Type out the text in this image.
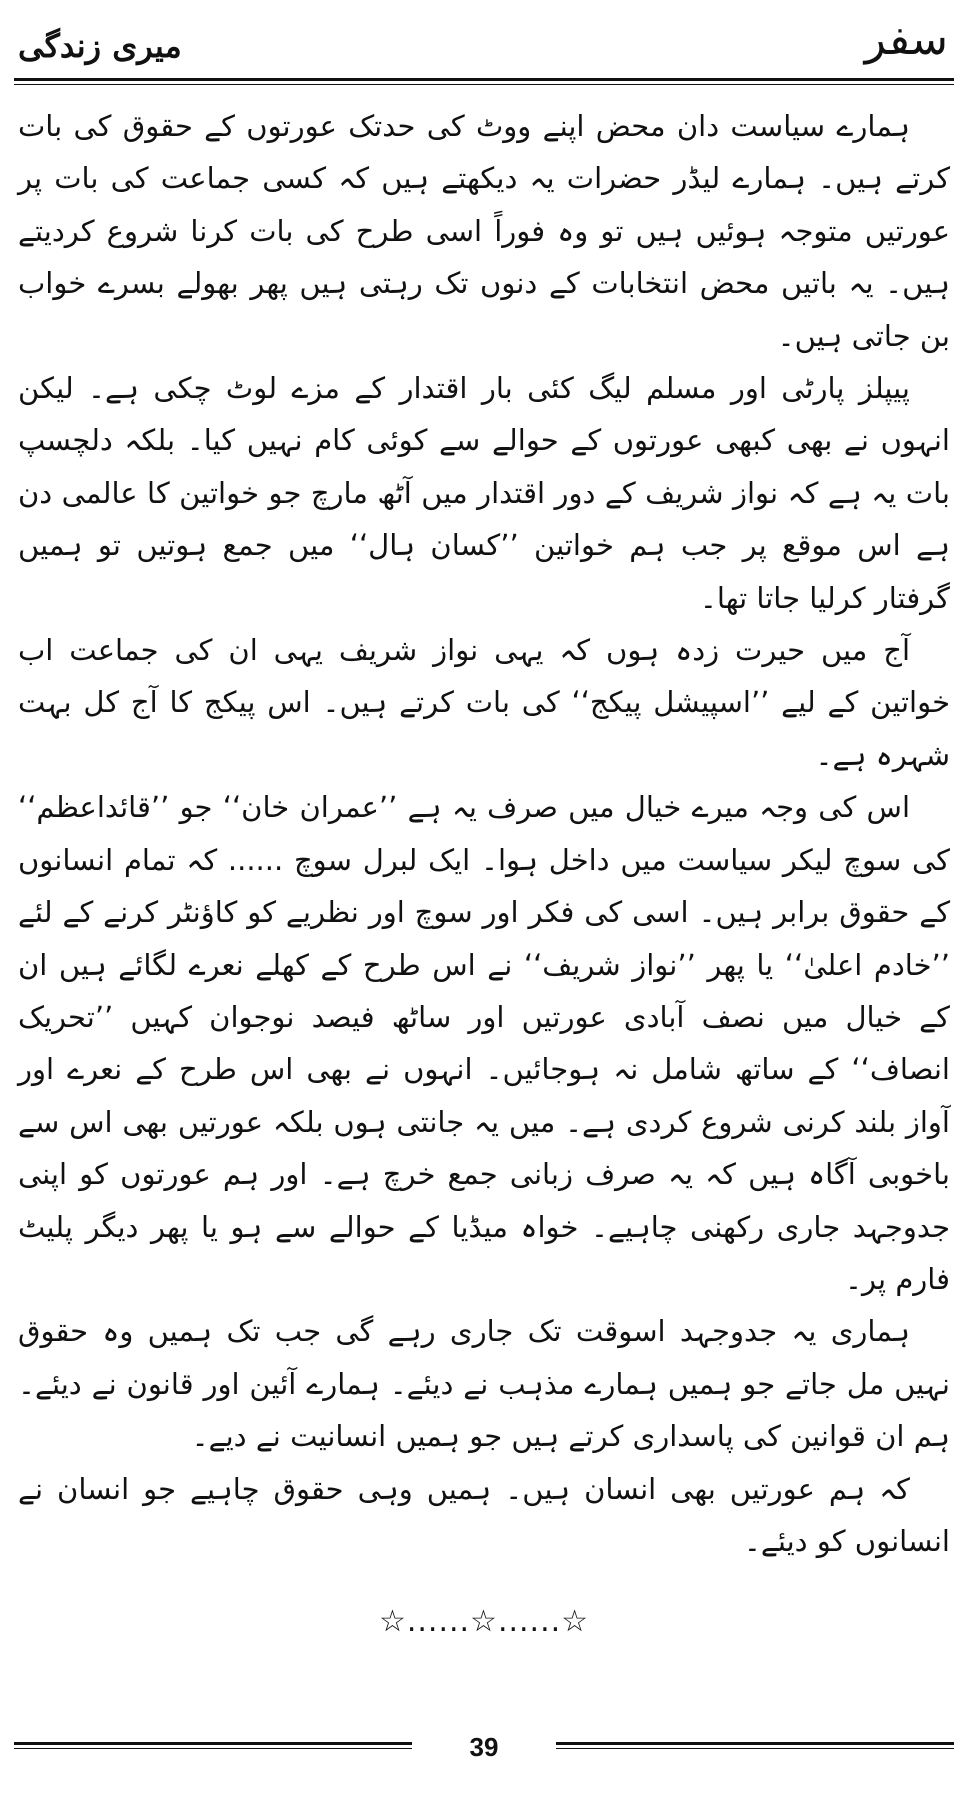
سفر
میری زندگی

ہمارے سیاست دان محض اپنے ووٹ کی حدتک عورتوں کے حقوق کی بات کرتے ہیں۔ ہمارے لیڈر حضرات یہ دیکھتے ہیں کہ کسی جماعت کی بات پر عورتیں متوجہ ہوئیں ہیں تو وہ فوراً اسی طرح کی بات کرنا شروع کردیتے ہیں۔ یہ باتیں محض انتخابات کے دنوں تک رہتی ہیں پھر بھولے بسرے خواب بن جاتی ہیں۔

پیپلز پارٹی اور مسلم لیگ کئی بار اقتدار کے مزے لوٹ چکی ہے۔ لیکن انہوں نے بھی کبھی عورتوں کے حوالے سے کوئی کام نہیں کیا۔ بلکہ دلچسپ بات یہ ہے کہ نواز شریف کے دور اقتدار میں آٹھ مارچ جو خواتین کا عالمی دن ہے اس موقع پر جب ہم خواتین ’’کسان ہال‘‘ میں جمع ہوتیں تو ہمیں گرفتار کرلیا جاتا تھا۔

آج میں حیرت زدہ ہوں کہ یہی نواز شریف یہی ان کی جماعت اب خواتین کے لیے ’’اسپیشل پیکج‘‘ کی بات کرتے ہیں۔ اس پیکج کا آج کل بہت شہرہ ہے۔

اس کی وجہ میرے خیال میں صرف یہ ہے ’’عمران خان‘‘ جو ’’قائداعظم‘‘ کی سوچ لیکر سیاست میں داخل ہوا۔ ایک لبرل سوچ ...... کہ تمام انسانوں کے حقوق برابر ہیں۔ اسی کی فکر اور سوچ اور نظریے کو کاؤنٹر کرنے کے لئے ’’خادم اعلیٰ‘‘ یا پھر ’’نواز شریف‘‘ نے اس طرح کے کھلے نعرے لگائے ہیں ان کے خیال میں نصف آبادی عورتیں اور ساٹھ فیصد نوجوان کہیں ’’تحریک انصاف‘‘ کے ساتھ شامل نہ ہوجائیں۔ انہوں نے بھی اس طرح کے نعرے اور آواز بلند کرنی شروع کردی ہے۔ میں یہ جانتی ہوں بلکہ عورتیں بھی اس سے باخوبی آگاہ ہیں کہ یہ صرف زبانی جمع خرچ ہے۔ اور ہم عورتوں کو اپنی جدوجہد جاری رکھنی چاہیے۔ خواہ میڈیا کے حوالے سے ہو یا پھر دیگر پلیٹ فارم پر۔

ہماری یہ جدوجہد اسوقت تک جاری رہے گی جب تک ہمیں وہ حقوق نہیں مل جاتے جو ہمیں ہمارے مذہب نے دیئے۔ ہمارے آئین اور قانون نے دیئے۔ ہم ان قوانین کی پاسداری کرتے ہیں جو ہمیں انسانیت نے دیے۔

کہ ہم عورتیں بھی انسان ہیں۔ ہمیں وہی حقوق چاہیے جو انسان نے انسانوں کو دیئے۔

☆......☆......☆
39
